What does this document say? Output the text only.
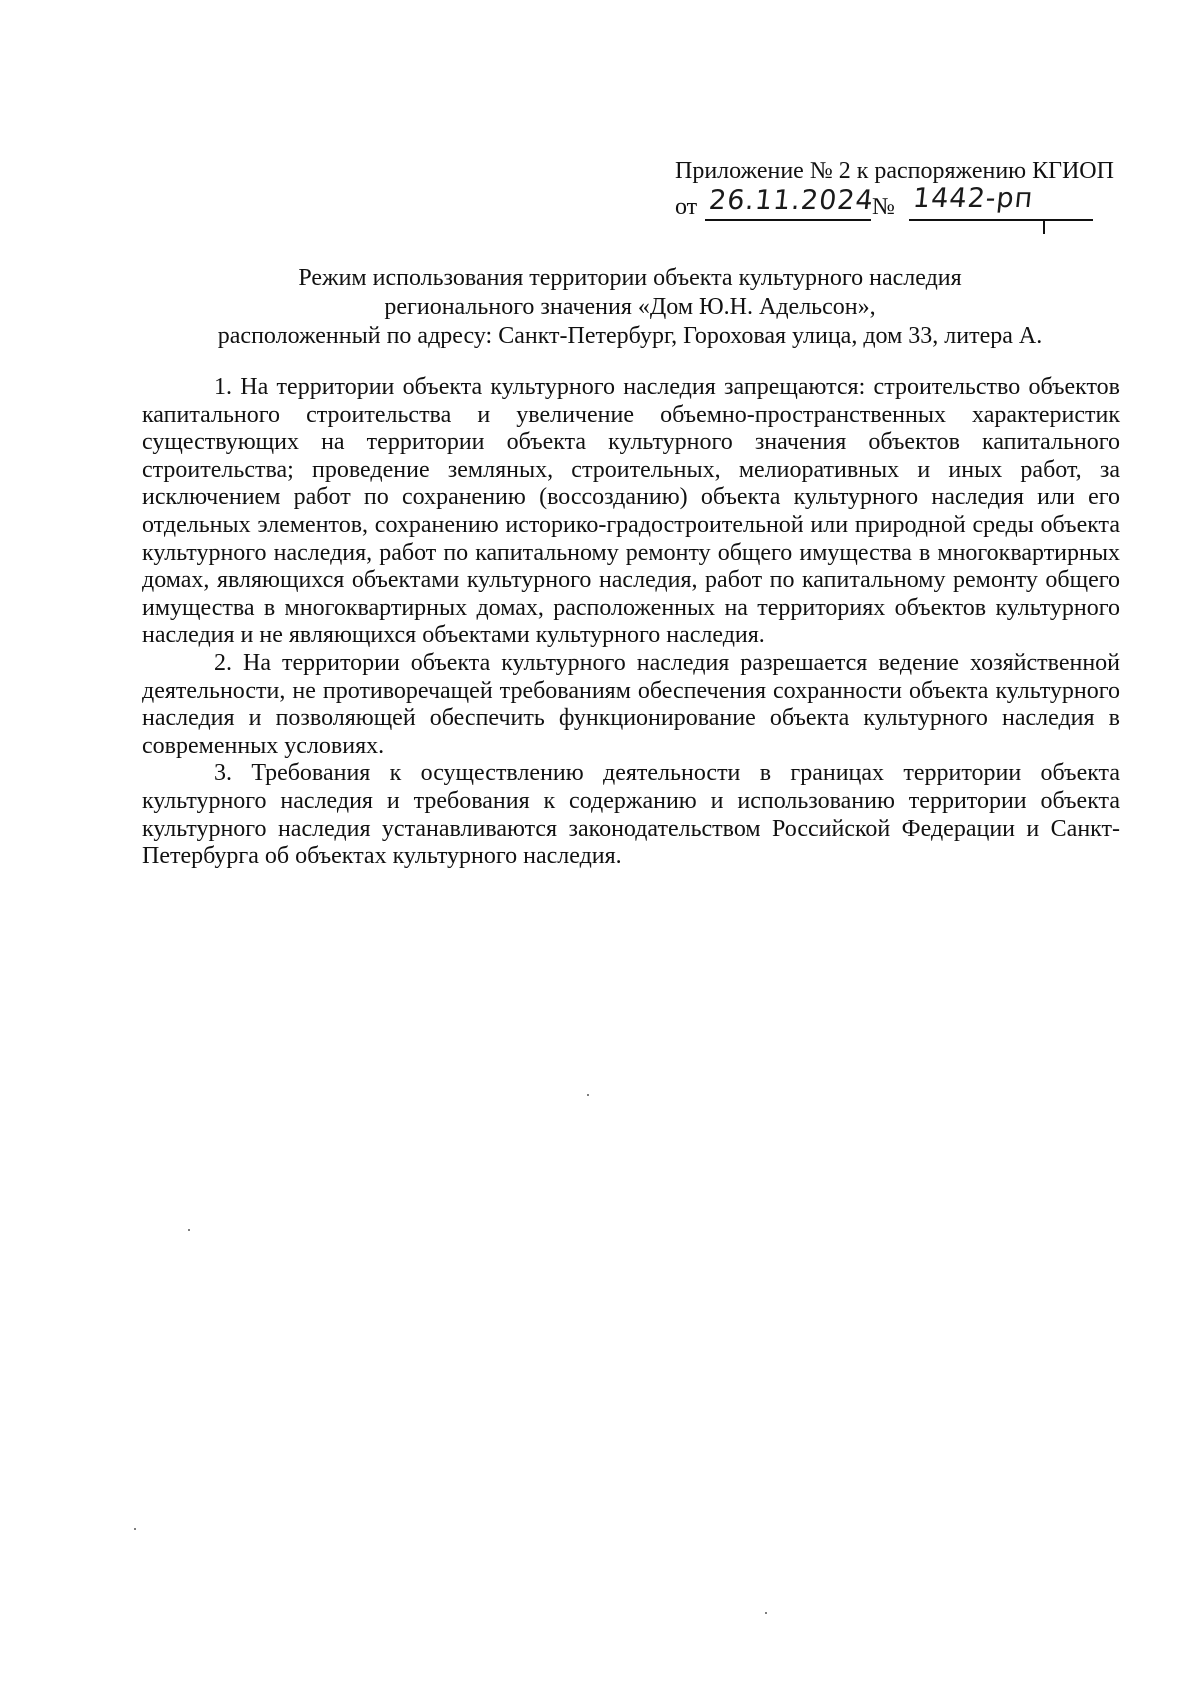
Приложение № 2 к распоряжению КГИОП
от 26.11.2024
№ 1442-рп
Режим использования территории объекта культурного наследия
регионального значения «Дом Ю.Н. Адельсон»,
расположенный по адресу: Санкт-Петербург, Гороховая улица, дом 33, литера А.

1. На территории объекта культурного наследия запрещаются: строительство объектов капитального строительства и увеличение объемно-пространственных характеристик существующих на территории объекта культурного значения объектов капитального строительства; проведение земляных, строительных, мелиоративных и иных работ, за исключением работ по сохранению (воссозданию) объекта культурного наследия или его отдельных элементов, сохранению историко-градостроительной или природной среды объекта культурного наследия, работ по капитальному ремонту общего имущества в многоквартирных домах, являющихся объектами культурного наследия, работ по капитальному ремонту общего имущества в многоквартирных домах, расположенных на территориях объектов культурного наследия и не являющихся объектами культурного наследия.

2. На территории объекта культурного наследия разрешается ведение хозяйственной деятельности, не противоречащей требованиям обеспечения сохранности объекта культурного наследия и позволяющей обеспечить функционирование объекта культурного наследия в современных условиях.

3. Требования к осуществлению деятельности в границах территории объекта культурного наследия и требования к содержанию и использованию территории объекта культурного наследия устанавливаются законодательством Российской Федерации и Санкт-Петербурга об объектах культурного наследия.
